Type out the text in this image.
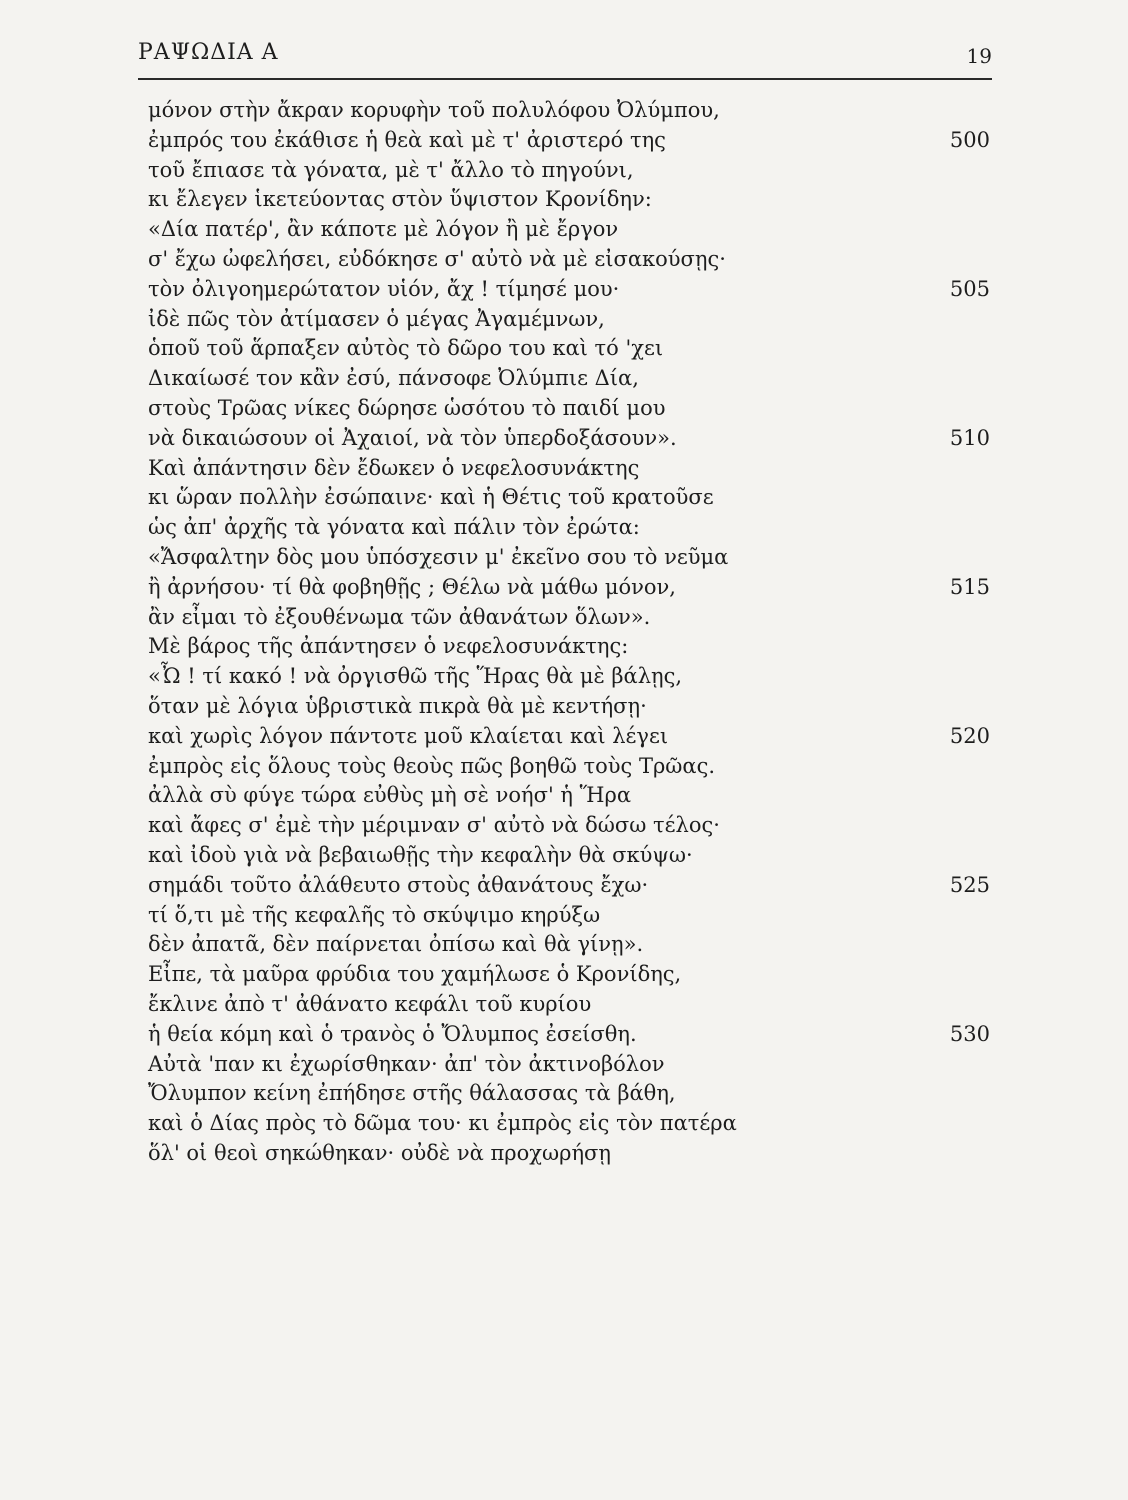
ΡΑΨΩΔΙΑ Α	19
μόνον στὴν ἄκραν κορυφὴν τοῦ πολυλόφου Ὀλύμπου,
ἐμπρός του ἐκάθισε ἡ θεὰ καὶ μὲ τ' ἀριστερό της	500
τοῦ ἔπιασε τὰ γόνατα, μὲ τ' ἄλλο τὸ πηγούνι,
κι ἔλεγεν ἱκετεύοντας στὸν ὕψιστον Κρονίδην:
«Δία πατέρ', ἂν κάποτε μὲ λόγον ἢ μὲ ἔργον
σ' ἔχω ὠφελήσει, εὐδόκησε σ' αὐτὸ νὰ μὲ εἰσακούσῃς·
τὸν ὀλιγοημερώτατον υἱόν, ἄχ ! τίμησέ μου·	505
ἰδὲ πῶς τὸν ἀτίμασεν ὁ μέγας Ἀγαμέμνων,
ὁποῦ τοῦ ἅρπαξεν αὐτὸς τὸ δῶρο του καὶ τό 'χει
Δικαίωσέ τον κἂν ἐσύ, πάνσοφε Ὀλύμπιε Δία,
στοὺς Τρῶας νίκες δώρησε ὡσότου τὸ παιδί μου
νὰ δικαιώσουν οἱ Ἀχαιοί, νὰ τὸν ὑπερδοξάσουν».	510
Καὶ ἀπάντησιν δὲν ἔδωκεν ὁ νεφελοσυνάκτης
κι ὥραν πολλὴν ἐσώπαινε· καὶ ἡ Θέτις τοῦ κρατοῦσε
ὡς ἀπ' ἀρχῆς τὰ γόνατα καὶ πάλιν τὸν ἐρώτα:
«Ἄσφαλτην δὸς μου ὑπόσχεσιν μ' ἐκεῖνο σου τὸ νεῦμα
ἢ ἀρνήσου· τί θὰ φοβηθῇς ; Θέλω νὰ μάθω μόνον,	515
ἂν εἶμαι τὸ ἐξουθένωμα τῶν ἀθανάτων ὅλων».
Μὲ βάρος τῆς ἀπάντησεν ὁ νεφελοσυνάκτης:
«Ὦ ! τί κακό ! νὰ ὀργισθῶ τῆς Ἥρας θὰ μὲ βάλῃς,
ὅταν μὲ λόγια ὑβριστικὰ πικρὰ θὰ μὲ κεντήσῃ·
καὶ χωρὶς λόγον πάντοτε μοῦ κλαίεται καὶ λέγει	520
ἐμπρὸς εἰς ὅλους τοὺς θεοὺς πῶς βοηθῶ τοὺς Τρῶας.
ἀλλὰ σὺ φύγε τώρα εὐθὺς μὴ σὲ νοήσ' ἡ Ἥρα
καὶ ἄφες σ' ἐμὲ τὴν μέριμναν σ' αὐτὸ νὰ δώσω τέλος·
καὶ ἰδοὺ γιὰ νὰ βεβαιωθῇς τὴν κεφαλὴν θὰ σκύψω·
σημάδι τοῦτο ἀλάθευτο στοὺς ἀθανάτους ἔχω·	525
τί ὅ,τι μὲ τῆς κεφαλῆς τὸ σκύψιμο κηρύξω
δὲν ἀπατᾶ, δὲν παίρνεται ὀπίσω καὶ θὰ γίνῃ».
Εἶπε, τὰ μαῦρα φρύδια του χαμήλωσε ὁ Κρονίδης,
ἔκλινε ἀπὸ τ' ἀθάνατο κεφάλι τοῦ κυρίου
ἡ θεία κόμη καὶ ὁ τρανὸς ὁ Ὄλυμπος ἐσείσθη.	530
Αὐτὰ 'παν κι ἐχωρίσθηκαν· ἀπ' τὸν ἀκτινοβόλον
Ὄλυμπον κείνη ἐπήδησε στῆς θάλασσας τὰ βάθη,
καὶ ὁ Δίας πρὸς τὸ δῶμα του· κι ἐμπρὸς εἰς τὸν πατέρα
ὅλ' οἱ θεοὶ σηκώθηκαν· οὐδὲ νὰ προχωρήσῃ
